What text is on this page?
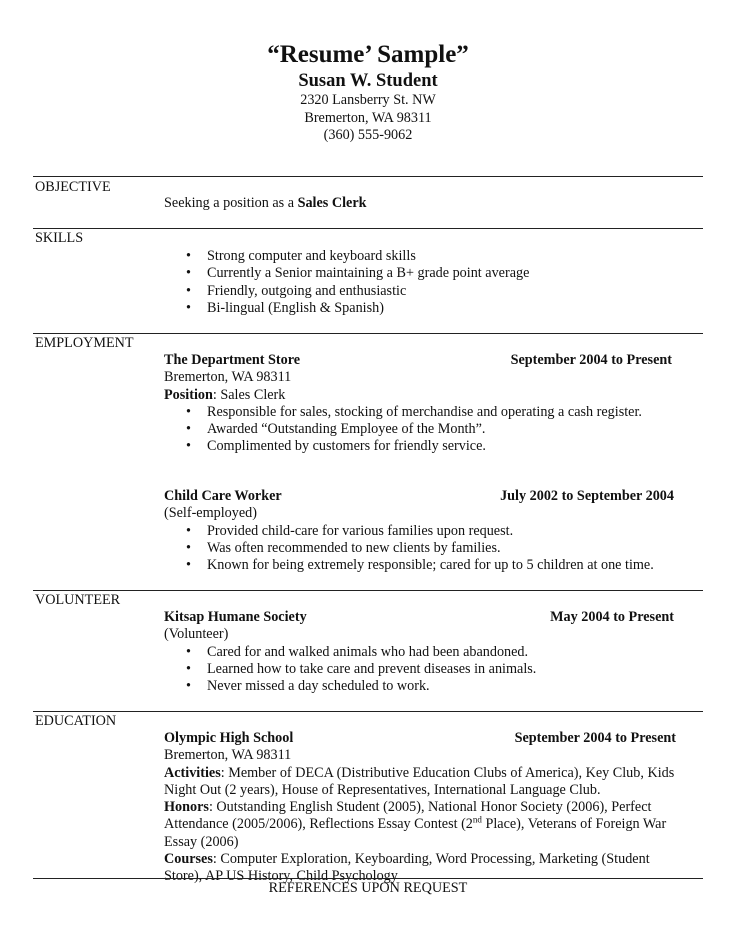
“Resume’ Sample”
Susan W. Student
2320 Lansberry St. NW
Bremerton, WA 98311
(360) 555-9062
OBJECTIVE
Seeking a position as a Sales Clerk
SKILLS
• Strong computer and keyboard skills
• Currently a Senior maintaining a B+ grade point average
• Friendly, outgoing and enthusiastic
• Bi-lingual (English & Spanish)
EMPLOYMENT
The Department Store	September 2004 to Present
Bremerton, WA 98311
Position: Sales Clerk
• Responsible for sales, stocking of merchandise and operating a cash register.
• Awarded “Outstanding Employee of the Month”.
• Complimented by customers for friendly service.
Child Care Worker	July 2002 to September 2004
(Self-employed)
• Provided child-care for various families upon request.
• Was often recommended to new clients by families.
• Known for being extremely responsible; cared for up to 5 children at one time.
VOLUNTEER
Kitsap Humane Society	May 2004 to Present
(Volunteer)
• Cared for and walked animals who had been abandoned.
• Learned how to take care and prevent diseases in animals.
• Never missed a day scheduled to work.
EDUCATION
Olympic High School	September 2004 to Present
Bremerton, WA 98311
Activities: Member of DECA (Distributive Education Clubs of America), Key Club, Kids
Night Out (2 years), House of Representatives, International Language Club.
Honors: Outstanding English Student (2005), National Honor Society (2006), Perfect
Attendance (2005/2006), Reflections Essay Contest (2nd Place), Veterans of Foreign War
Essay (2006)
Courses: Computer Exploration, Keyboarding, Word Processing, Marketing (Student
Store), AP US History, Child Psychology
REFERENCES UPON REQUEST
